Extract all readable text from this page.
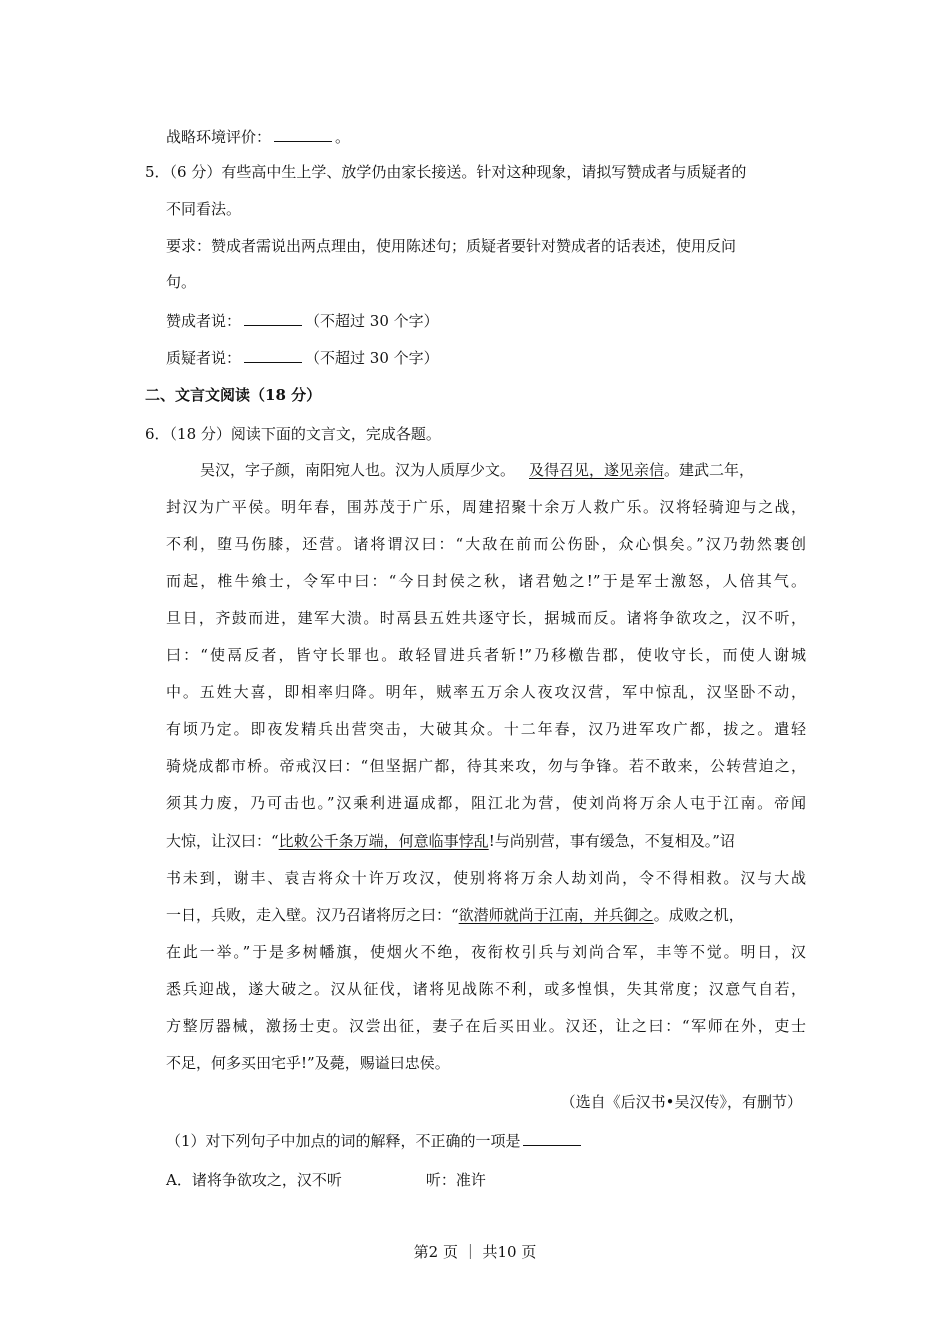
战略环境评价：	。
5．（6 分）有些高中生上学、放学仍由家长接送。针对这种现象，请拟写赞成者与质疑者的
不同看法。
要求：赞成者需说出两点理由，使用陈述句；质疑者要针对赞成者的话表述，使用反问
句。
赞成者说：	（不超过 30 个字）
质疑者说：	（不超过 30 个字）
二、文言文阅读（18 分）
6．（18 分）阅读下面的文言文，完成各题。
吴汉，字子颜，南阳宛人也。汉为人质厚少文。 及得召见，遂见亲信。建武二年，
封汉为广平侯。明年春，围苏茂于广乐，周建招聚十余万人救广乐。汉将轻骑迎与之战，
不利，堕马伤膝，还营。诸将谓汉曰：“大敌在前而公伤卧，众心惧矣。”汉乃勃然裹创
而起，椎牛飨士，令军中曰：“今日封侯之秋，诸君勉之!”于是军士激怒，人倍其气。
旦日，齐鼓而进，建军大溃。时鬲县五姓共逐守长，据城而反。诸将争欲攻之，汉不听，
曰：“使鬲反者，皆守长罪也。敢轻冒进兵者斩!”乃移檄告郡，使收守长，而使人谢城
中。五姓大喜，即相率归降。明年，贼率五万余人夜攻汉营，军中惊乱，汉坚卧不动，
有顷乃定。即夜发精兵出营突击，大破其众。十二年春，汉乃进军攻广都，拔之。遣轻
骑烧成都市桥。帝戒汉曰：“但坚据广都，待其来攻，勿与争锋。若不敢来，公转营迫之，
须其力废，乃可击也。”汉乘利进逼成都，阻江北为营，使刘尚将万余人屯于江南。帝闻
大惊，让汉曰：“比敕公千条万端，何意临事悖乱!与尚别营，事有缓急，不复相及。”诏
书未到，谢丰、袁吉将众十许万攻汉，使别将将万余人劫刘尚，令不得相救。汉与大战
一日，兵败，走入壁。汉乃召诸将厉之曰：“欲潜师就尚于江南，并兵御之。成败之机，
在此一举。”于是多树幡旗，使烟火不绝，夜衔枚引兵与刘尚合军，丰等不觉。明日，汉
悉兵迎战，遂大破之。汉从征伐，诸将见战陈不利，或多惶惧，失其常度；汉意气自若，
方整厉器械，激扬士吏。汉尝出征，妻子在后买田业。汉还，让之曰：“军师在外，吏士
不足，何多买田宅乎!”及薨，赐谥曰忠侯。
（选自《后汉书•吴汉传》，有删节）
（1）对下列句子中加点的词的解释，不正确的一项是
A．诸将争欲攻之，汉不听	听：准许
第2 页 ｜ 共10 页
